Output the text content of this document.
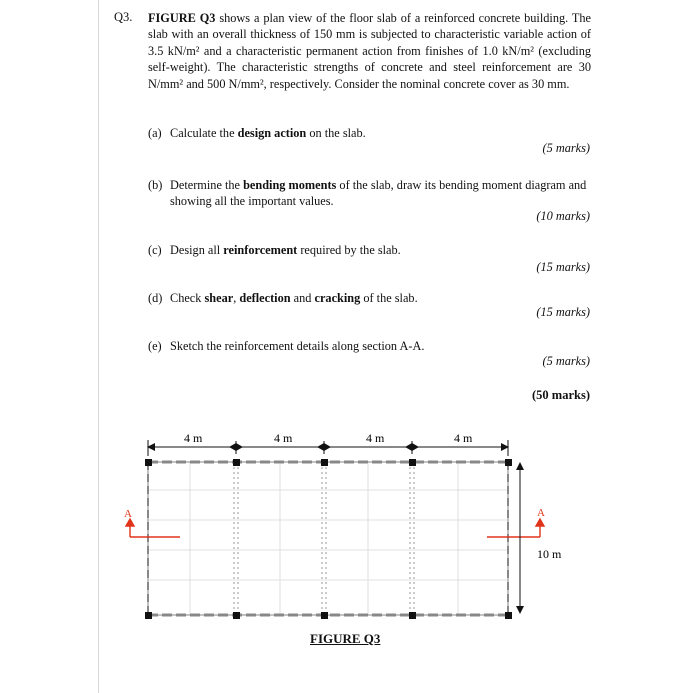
Q3. FIGURE Q3 shows a plan view of the floor slab of a reinforced concrete building. The slab with an overall thickness of 150 mm is subjected to characteristic variable action of 3.5 kN/m² and a characteristic permanent action from finishes of 1.0 kN/m² (excluding self-weight). The characteristic strengths of concrete and steel reinforcement are 30 N/mm² and 500 N/mm², respectively. Consider the nominal concrete cover as 30 mm.
(a) Calculate the design action on the slab.
(5 marks)
(b) Determine the bending moments of the slab, draw its bending moment diagram and showing all the important values.
(10 marks)
(c) Design all reinforcement required by the slab.
(15 marks)
(d) Check shear, deflection and cracking of the slab.
(15 marks)
(e) Sketch the reinforcement details along section A-A.
(5 marks)
(50 marks)
4 m	4 m	4 m	4 m
A	A
10 m
FIGURE Q3
